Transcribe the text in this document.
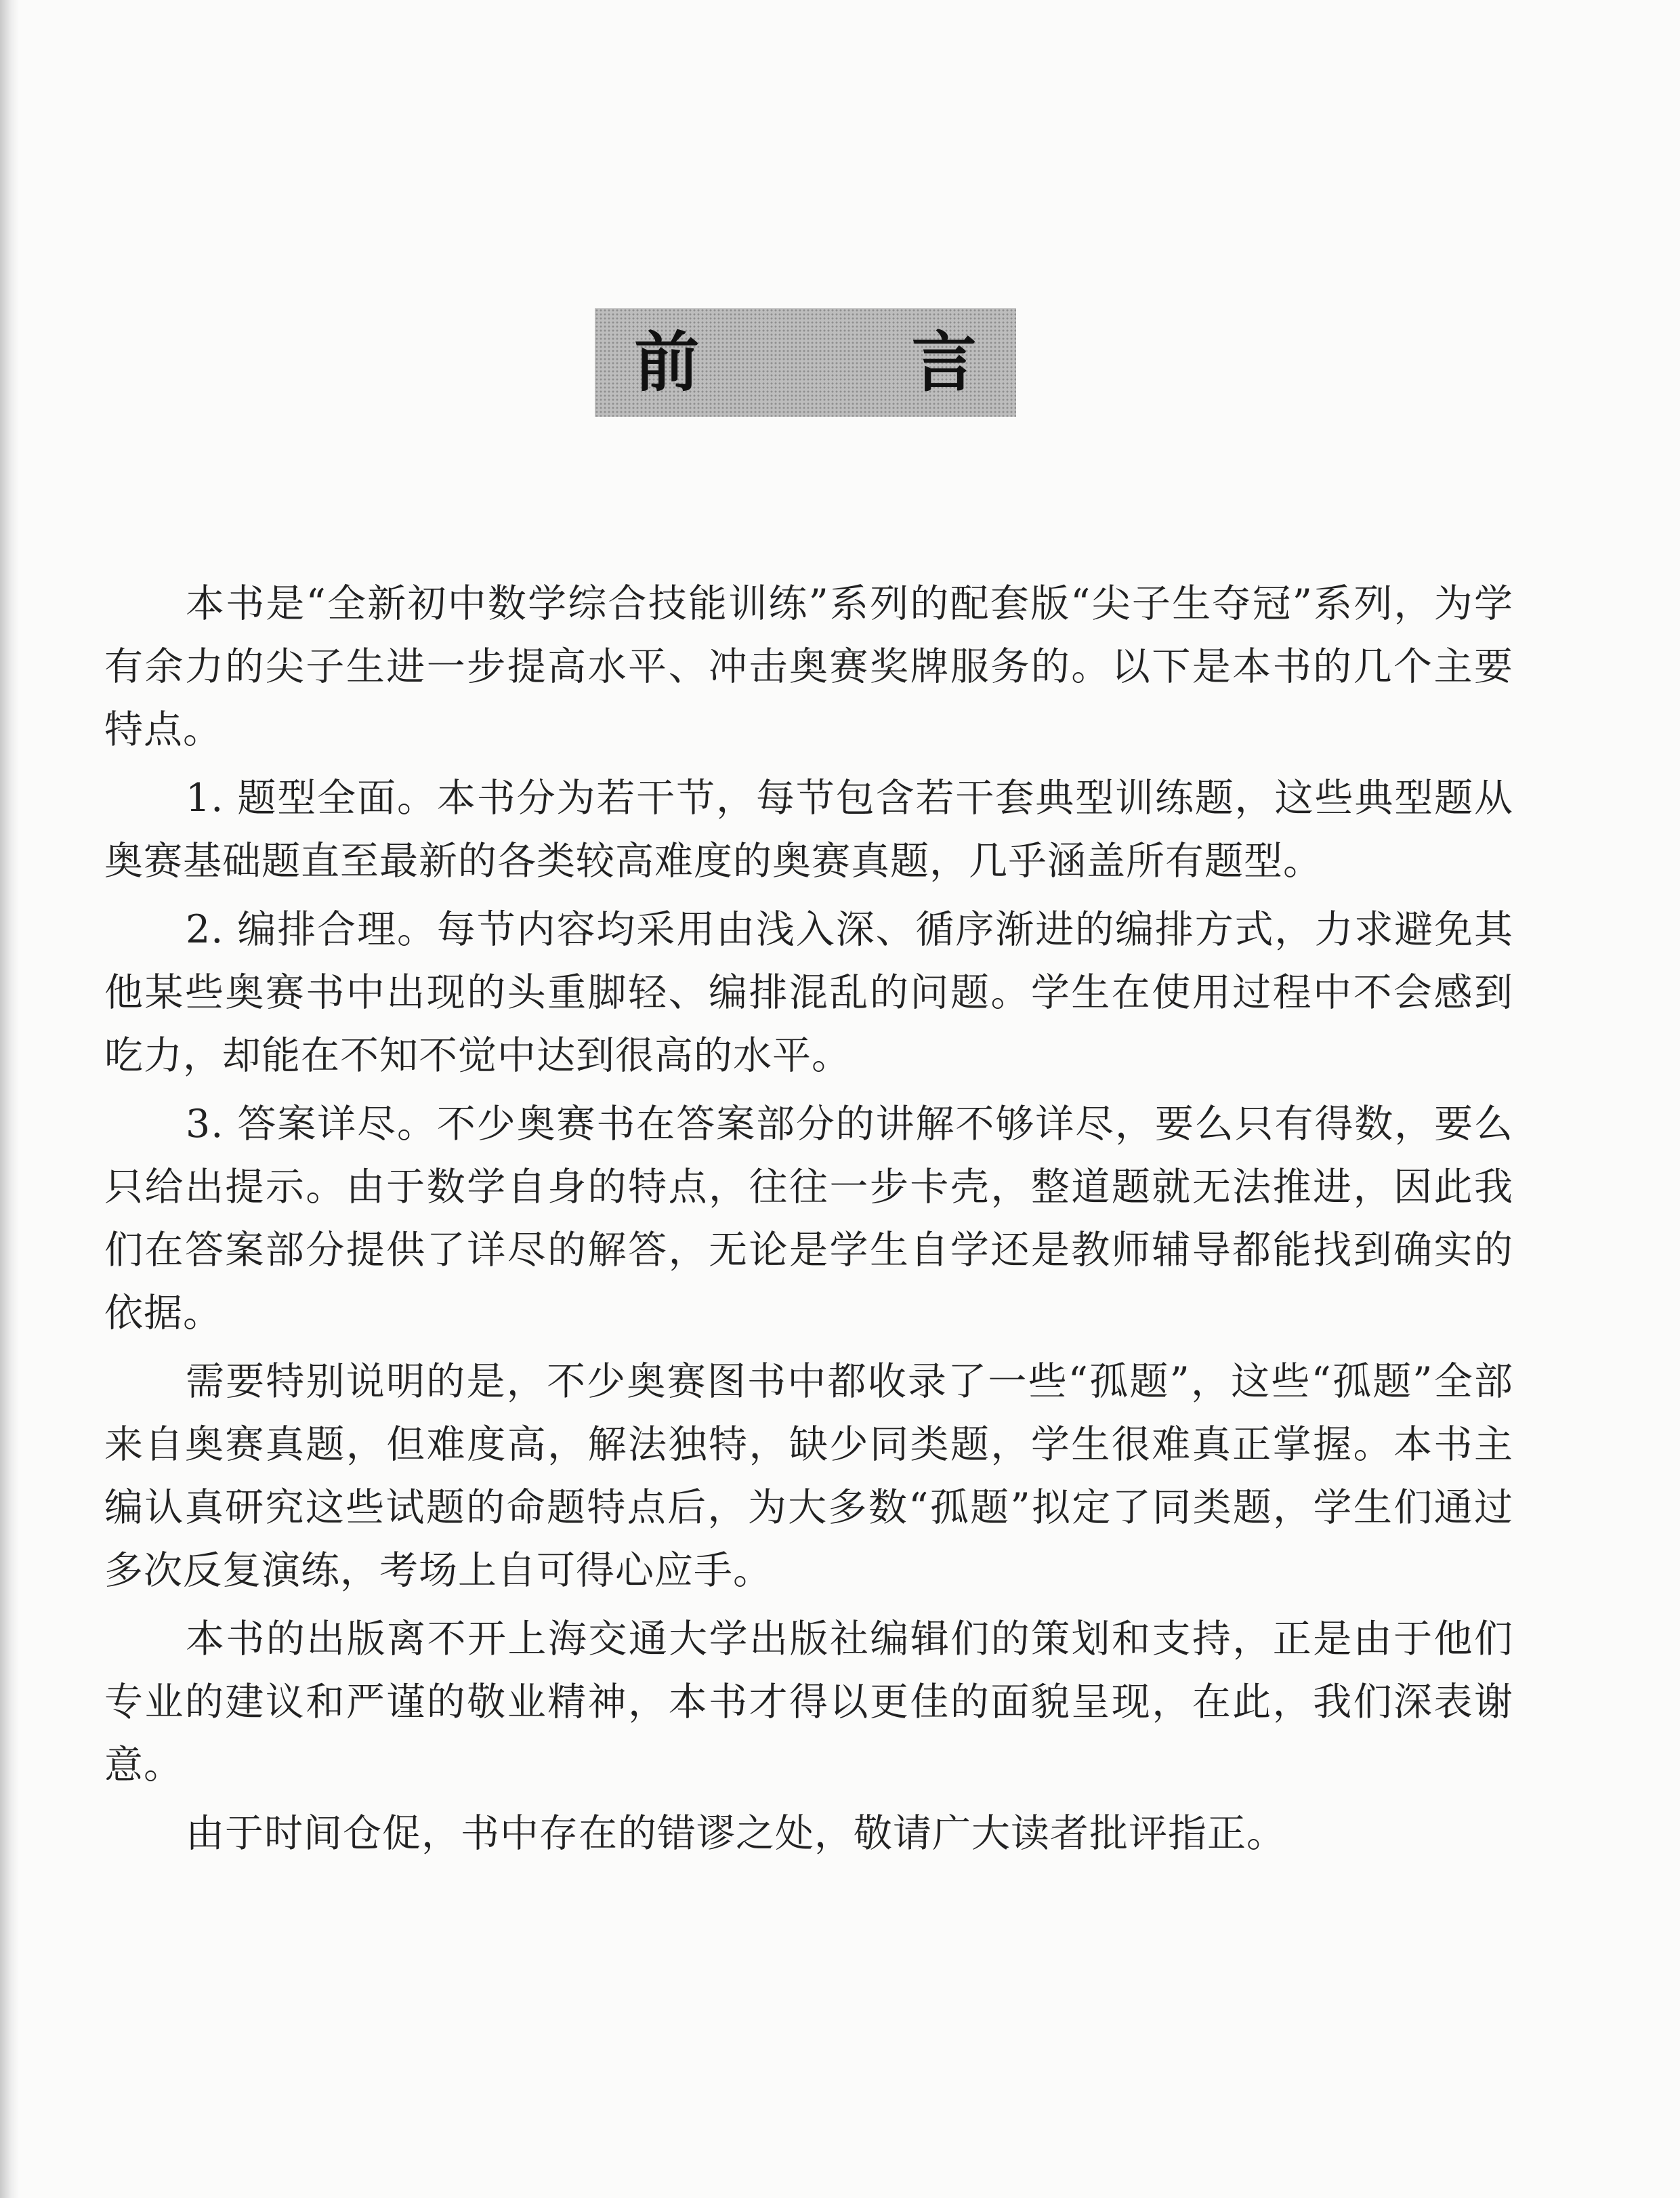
前 言

本书是“全新初中数学综合技能训练”系列的配套版“尖子生夺冠”系列，为学有余力的尖子生进一步提高水平、冲击奥赛奖牌服务的。以下是本书的几个主要特点。

1. 题型全面。本书分为若干节，每节包含若干套典型训练题，这些典型题从奥赛基础题直至最新的各类较高难度的奥赛真题，几乎涵盖所有题型。

2. 编排合理。每节内容均采用由浅入深、循序渐进的编排方式，力求避免其他某些奥赛书中出现的头重脚轻、编排混乱的问题。学生在使用过程中不会感到吃力，却能在不知不觉中达到很高的水平。

3. 答案详尽。不少奥赛书在答案部分的讲解不够详尽，要么只有得数，要么只给出提示。由于数学自身的特点，往往一步卡壳，整道题就无法推进，因此我们在答案部分提供了详尽的解答，无论是学生自学还是教师辅导都能找到确实的依据。

需要特别说明的是，不少奥赛图书中都收录了一些“孤题”，这些“孤题”全部来自奥赛真题，但难度高，解法独特，缺少同类题，学生很难真正掌握。本书主编认真研究这些试题的命题特点后，为大多数“孤题”拟定了同类题，学生们通过多次反复演练，考场上自可得心应手。

本书的出版离不开上海交通大学出版社编辑们的策划和支持，正是由于他们专业的建议和严谨的敬业精神，本书才得以更佳的面貌呈现，在此，我们深表谢意。

由于时间仓促，书中存在的错谬之处，敬请广大读者批评指正。
